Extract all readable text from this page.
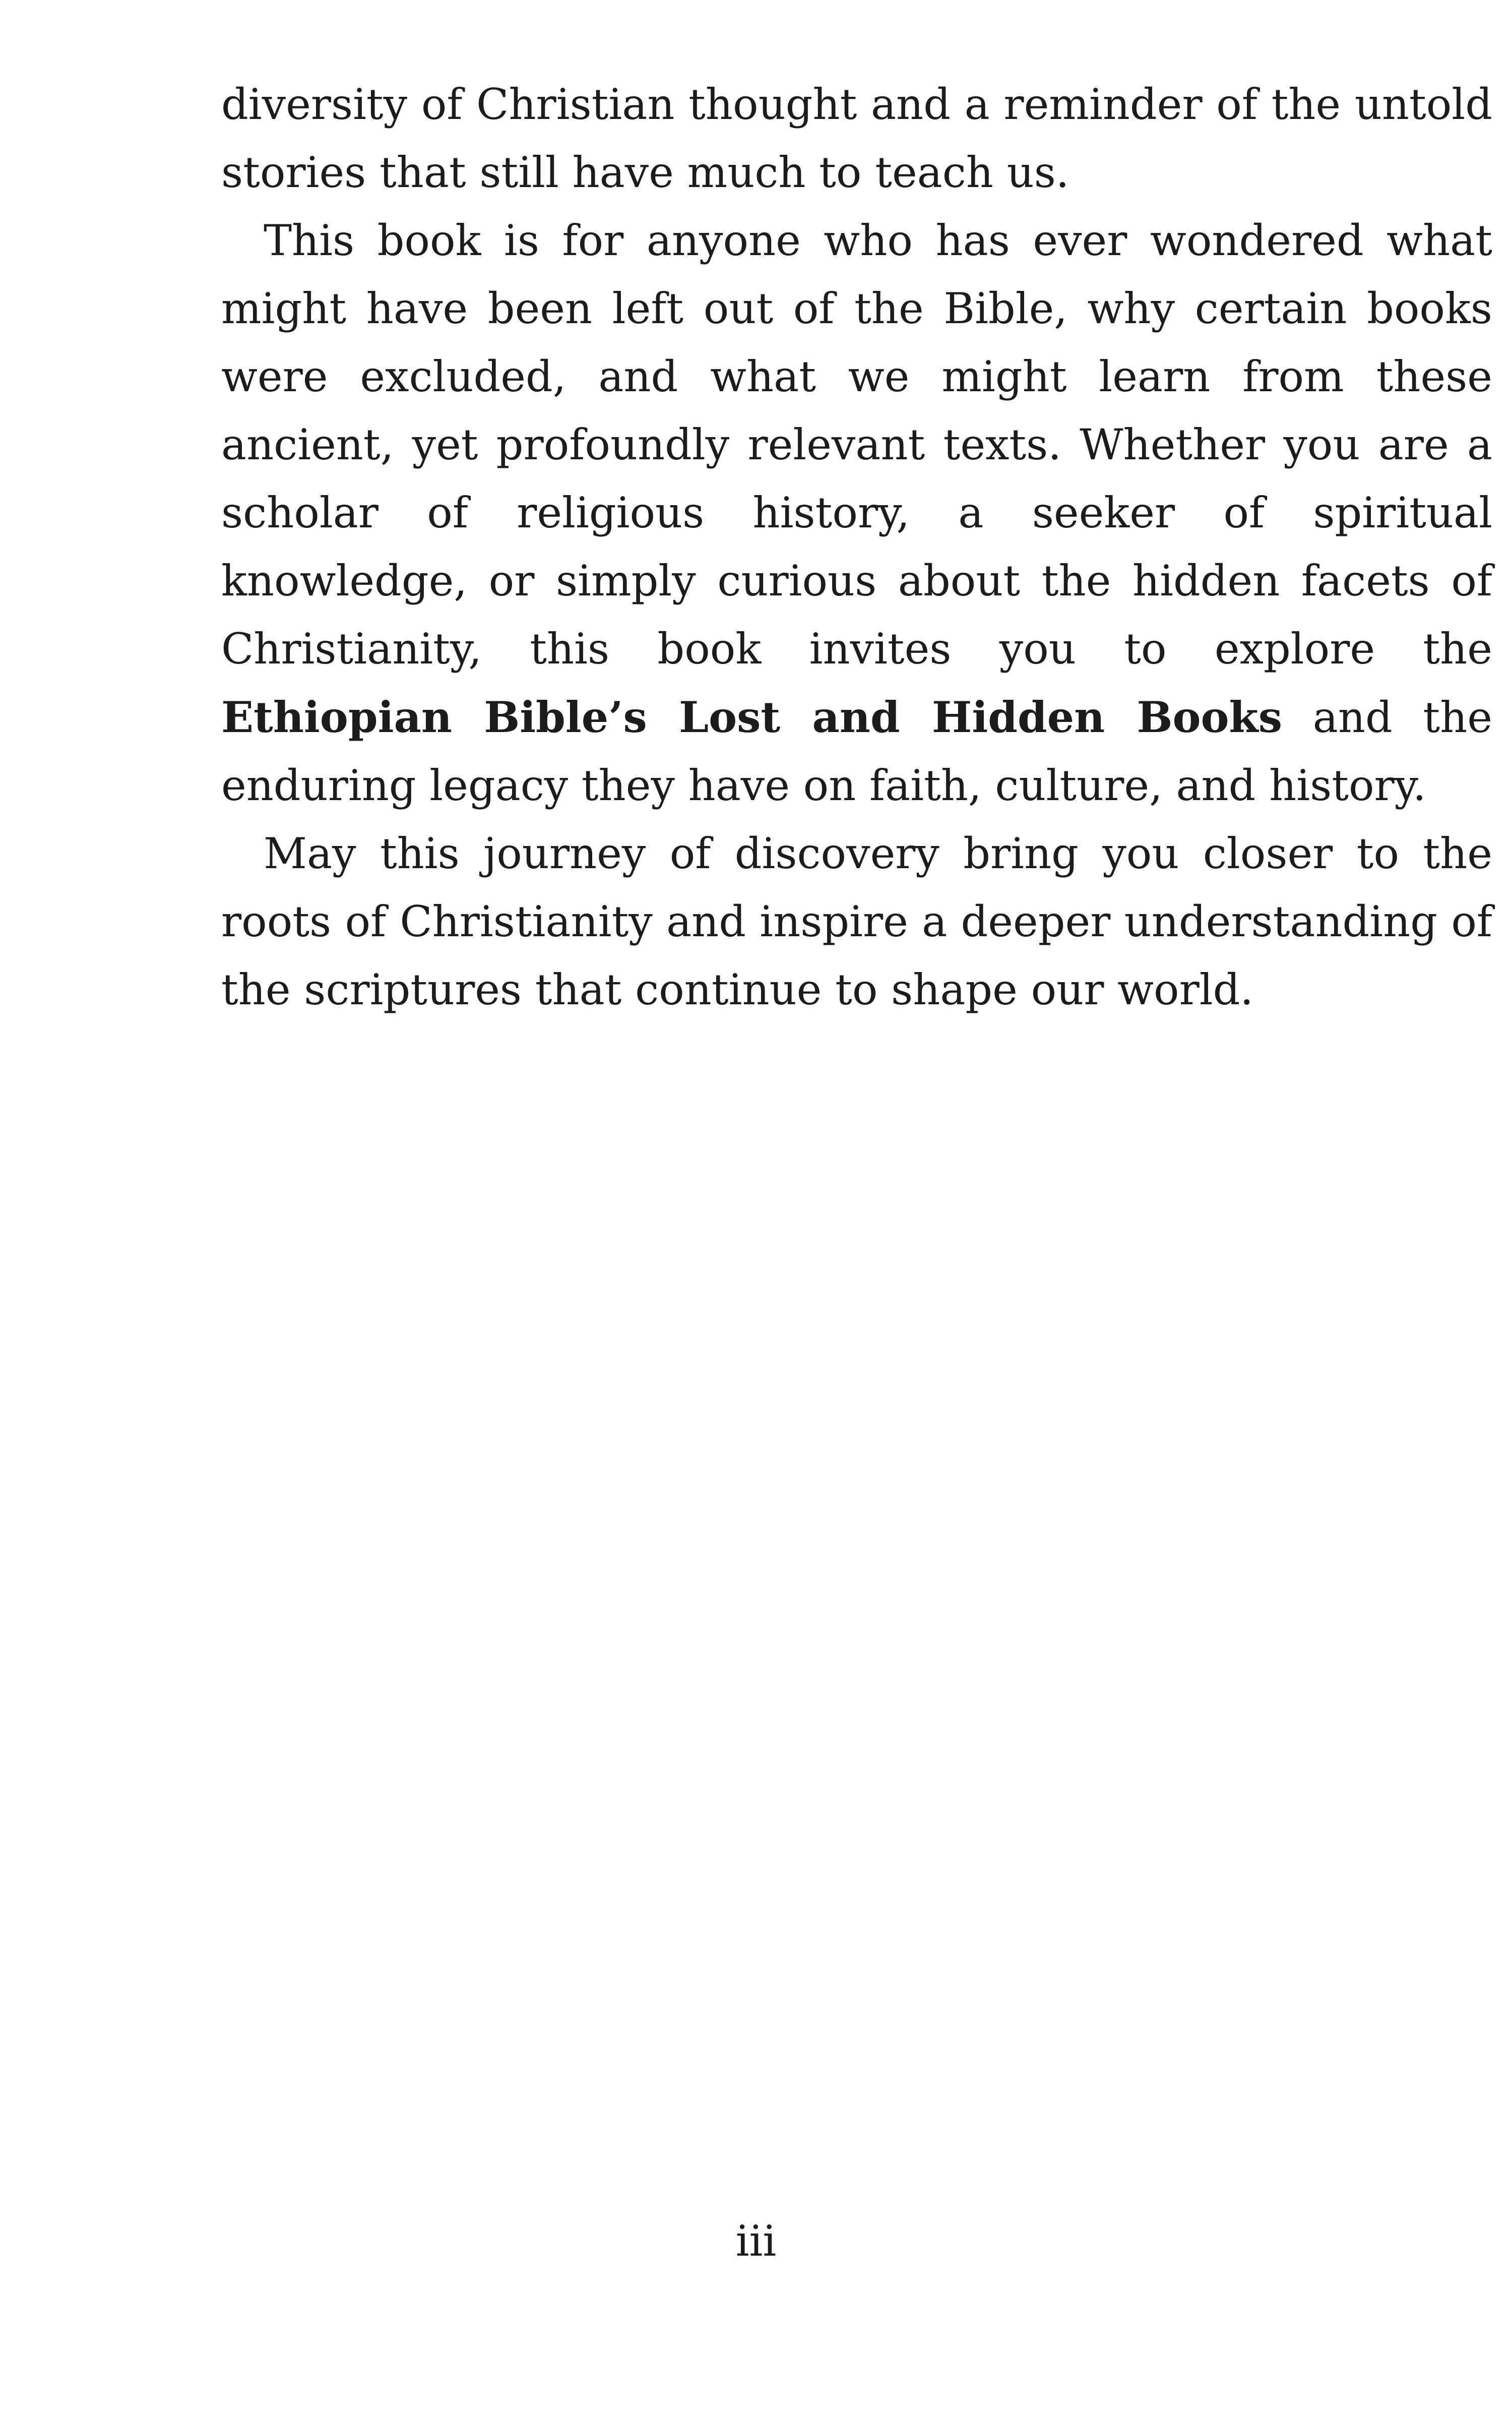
diversity of Christian thought and a reminder of the untold stories that still have much to teach us.

This book is for anyone who has ever wondered what might have been left out of the Bible, why certain books were excluded, and what we might learn from these ancient, yet profoundly relevant texts. Whether you are a scholar of religious history, a seeker of spiritual knowledge, or simply curious about the hidden facets of Christianity, this book invites you to explore the Ethiopian Bible’s Lost and Hidden Books and the enduring legacy they have on faith, culture, and history.

May this journey of discovery bring you closer to the roots of Christianity and inspire a deeper understanding of the scriptures that continue to shape our world.

iii
